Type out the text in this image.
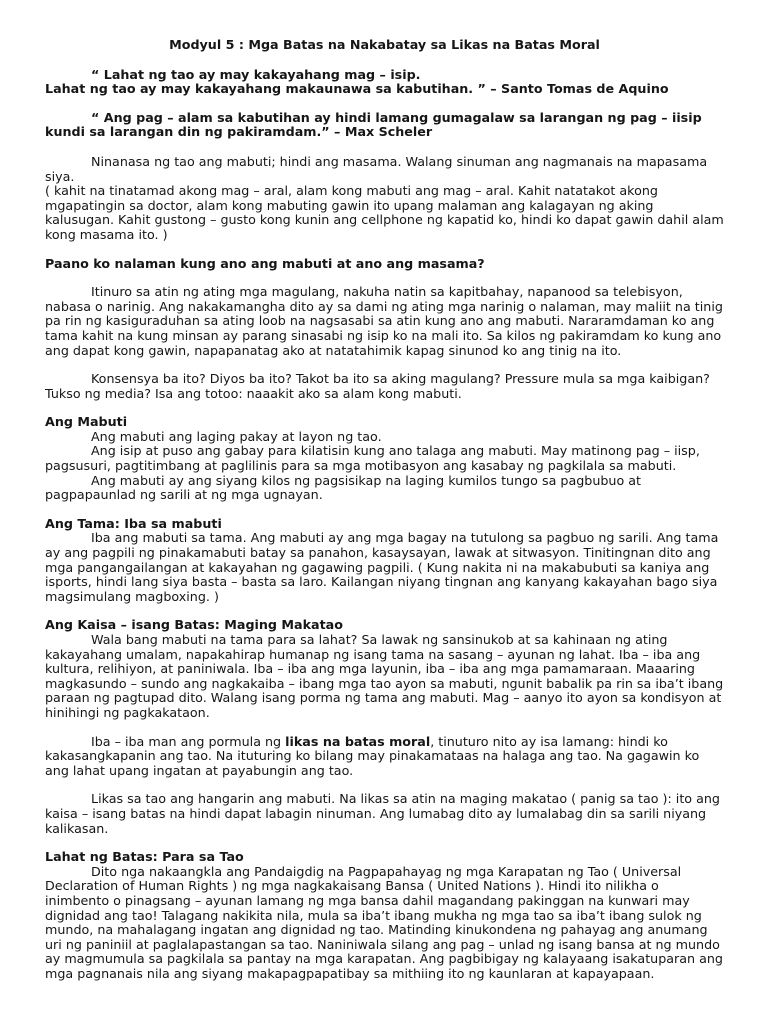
Modyul 5 : Mga Batas na Nakabatay sa Likas na Batas Moral

“ Lahat ng tao ay may kakayahang mag – isip.

Lahat ng tao ay may kakayahang makaunawa sa kabutihan. ” – Santo Tomas de Aquino

“ Ang pag – alam sa kabutihan ay hindi lamang gumagalaw sa larangan ng pag – iisip kundi sa larangan din ng pakiramdam.” – Max Scheler

Ninanasa ng tao ang mabuti; hindi ang masama. Walang sinuman ang nagmanais na mapasama siya.

( kahit na tinatamad akong mag – aral, alam kong mabuti ang mag – aral. Kahit natatakot akong mgapatingin sa doctor, alam kong mabuting gawin ito upang malaman ang kalagayan ng aking kalusugan. Kahit gustong – gusto kong kunin ang cellphone ng kapatid ko, hindi ko dapat gawin dahil alam kong masama ito. )

Paano ko nalaman kung ano ang mabuti at ano ang masama?

Itinuro sa atin ng ating mga magulang, nakuha natin sa kapitbahay, napanood sa telebisyon, nabasa o narinig. Ang nakakamangha dito ay sa dami ng ating mga narinig o nalaman, may maliit na tinig pa rin ng kasiguraduhan sa ating loob na nagsasabi sa atin kung ano ang mabuti. Nararamdaman ko ang tama kahit na kung minsan ay parang sinasabi ng isip ko na mali ito. Sa kilos ng pakiramdam ko kung ano ang dapat kong gawin, napapanatag ako at natatahimik kapag sinunod ko ang tinig na ito.

Konsensya ba ito? Diyos ba ito? Takot ba ito sa aking magulang? Pressure mula sa mga kaibigan? Tukso ng media? Isa ang totoo: naaakit ako sa alam kong mabuti.

Ang Mabuti

Ang mabuti ang laging pakay at layon ng tao.

Ang isip at puso ang gabay para kilatisin kung ano talaga ang mabuti. May matinong pag – iisp, pagsusuri, pagtitimbang at paglilinis para sa mga motibasyon ang kasabay ng pagkilala sa mabuti.

Ang mabuti ay ang siyang kilos ng pagsisikap na laging kumilos tungo sa pagbubuo at pagpapaunlad ng sarili at ng mga ugnayan.

Ang Tama: Iba sa mabuti

Iba ang mabuti sa tama. Ang mabuti ay ang mga bagay na tutulong sa pagbuo ng sarili. Ang tama ay ang pagpili ng pinakamabuti batay sa panahon, kasaysayan, lawak at sitwasyon. Tinitingnan dito ang mga pangangailangan at kakayahan ng gagawing pagpili. ( Kung nakita ni na makabubuti sa kaniya ang isports, hindi lang siya basta – basta sa laro. Kailangan niyang tingnan ang kanyang kakayahan bago siya magsimulang magboxing. )

Ang Kaisa – isang Batas: Maging Makatao

Wala bang mabuti na tama para sa lahat? Sa lawak ng sansinukob at sa kahinaan ng ating kakayahang umalam, napakahirap humanap ng isang tama na sasang – ayunan ng lahat. Iba – iba ang kultura, relihiyon, at paniniwala. Iba – iba ang mga layunin, iba – iba ang mga pamamaraan. Maaaring magkasundo – sundo ang nagkakaiba – ibang mga tao ayon sa mabuti, ngunit babalik pa rin sa iba’t ibang paraan ng pagtupad dito. Walang isang porma ng tama ang mabuti. Mag – aanyo ito ayon sa kondisyon at hinihingi ng pagkakataon.

Iba – iba man ang pormula ng likas na batas moral, tinuturo nito ay isa lamang: hindi ko kakasangkapanin ang tao. Na ituturing ko bilang may pinakamataas na halaga ang tao. Na gagawin ko ang lahat upang ingatan at payabungin ang tao.

Likas sa tao ang hangarin ang mabuti. Na likas sa atin na maging makatao ( panig sa tao ): ito ang kaisa – isang batas na hindi dapat labagin ninuman. Ang lumabag dito ay lumalabag din sa sarili niyang kalikasan.

Lahat ng Batas: Para sa Tao

Dito nga nakaangkla ang Pandaigdig na Pagpapahayag ng mga Karapatan ng Tao ( Universal Declaration of Human Rights ) ng mga nagkakaisang Bansa ( United Nations ). Hindi ito nilikha o inimbento o pinagsang – ayunan lamang ng mga bansa dahil magandang pakinggan na kunwari may dignidad ang tao! Talagang nakikita nila, mula sa iba’t ibang mukha ng mga tao sa iba’t ibang sulok ng mundo, na mahalagang ingatan ang dignidad ng tao. Matinding kinukondena ng pahayag ang anumang uri ng paniniil at paglalapastangan sa tao. Naniniwala silang ang pag – unlad ng isang bansa at ng mundo ay magmumula sa pagkilala sa pantay na mga karapatan. Ang pagbibigay ng kalayaang isakatuparan ang mga pagnanais nila ang siyang makapagpapatibay sa mithiing ito ng kaunlaran at kapayapaan.
